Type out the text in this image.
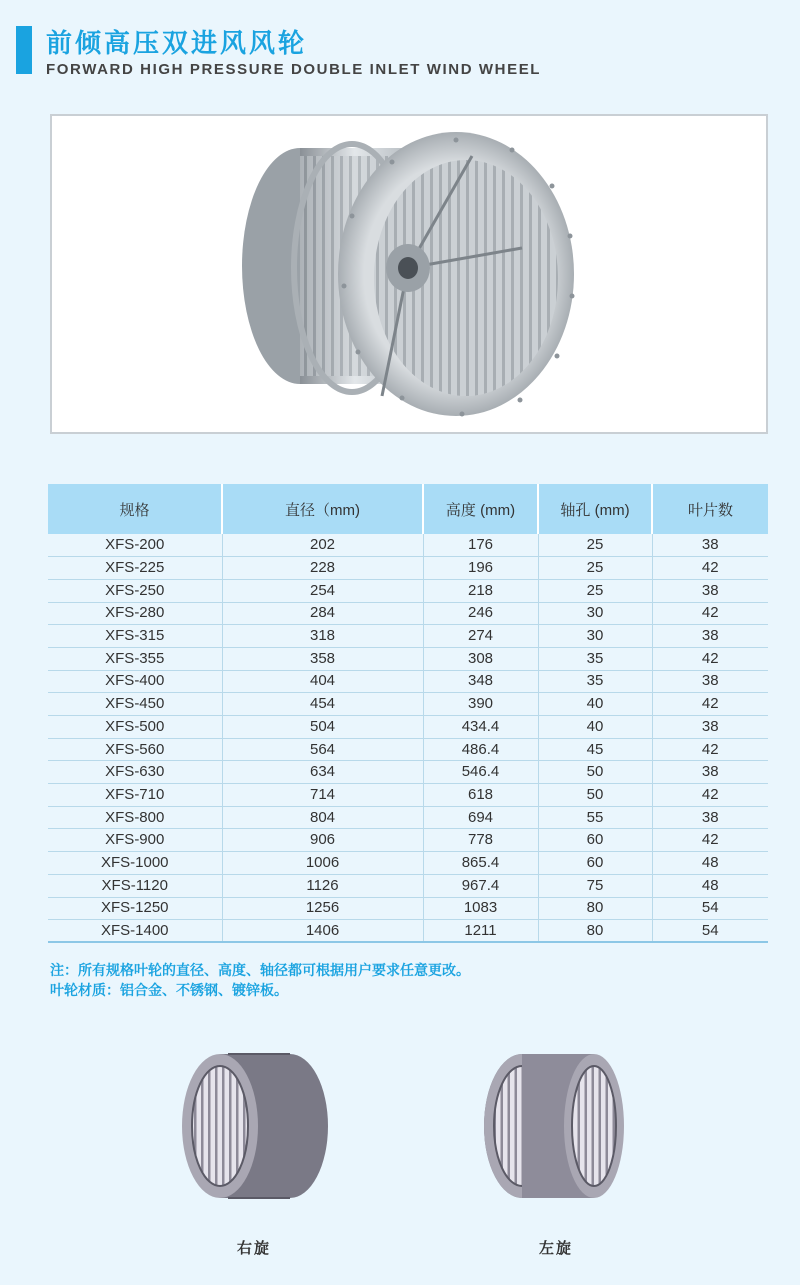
前倾高压双进风风轮
FORWARD HIGH PRESSURE DOUBLE INLET WIND WHEEL
规格	直径（mm)	高度 (mm)	轴孔 (mm)	叶片数
XFS-200	202	176	25	38
XFS-225	228	196	25	42
XFS-250	254	218	25	38
XFS-280	284	246	30	42
XFS-315	318	274	30	38
XFS-355	358	308	35	42
XFS-400	404	348	35	38
XFS-450	454	390	40	42
XFS-500	504	434.4	40	38
XFS-560	564	486.4	45	42
XFS-630	634	546.4	50	38
XFS-710	714	618	50	42
XFS-800	804	694	55	38
XFS-900	906	778	60	42
XFS-1000	1006	865.4	60	48
XFS-1120	1126	967.4	75	48
XFS-1250	1256	1083	80	54
XFS-1400	1406	1211	80	54
注：所有规格叶轮的直径、高度、轴径都可根据用户要求任意更改。
叶轮材质：铝合金、不锈钢、镀锌板。
右旋	左旋
